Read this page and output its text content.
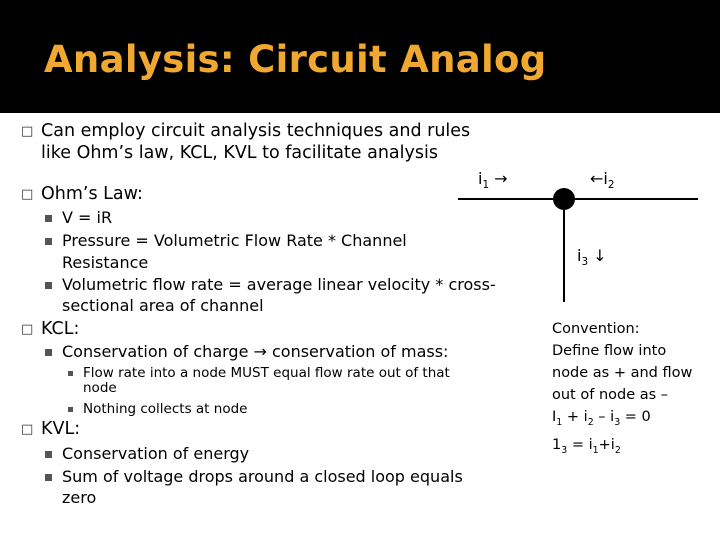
Analysis: Circuit Analog
□ Can employ circuit analysis techniques and rules
like Ohm’s law, KCL, KVL to facilitate analysis
□ Ohm’s Law:
V = iR
Pressure = Volumetric Flow Rate * Channel
Resistance
Volumetric flow rate = average linear velocity * cross-
sectional area of channel
□ KCL:
Conservation of charge → conservation of mass:
Flow rate into a node MUST equal flow rate out of that
node
Nothing collects at node
□ KVL:
Conservation of energy
Sum of voltage drops around a closed loop equals
zero
$i_1$ →	$\leftarrow i_2$
$i_3$ ↓
Convention:
Define flow into
node as + and flow
out of node as –
$I_1 + i_2 - i_3 = 0$
$1_3 = i_1+i_2$
